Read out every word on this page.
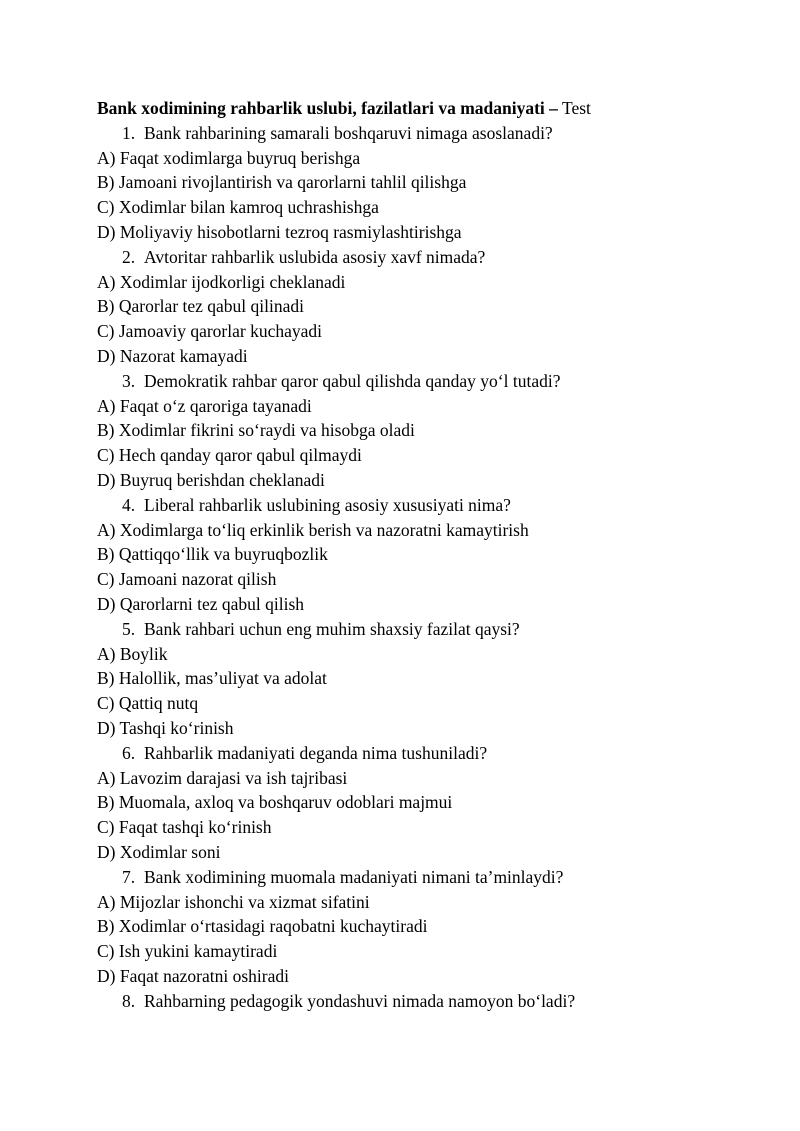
Bank xodimining rahbarlik uslubi, fazilatlari va madaniyati – Test
1. Bank rahbarining samarali boshqaruvi nimaga asoslanadi?
A) Faqat xodimlarga buyruq berishga
B) Jamoani rivojlantirish va qarorlarni tahlil qilishga
C) Xodimlar bilan kamroq uchrashishga
D) Moliyaviy hisobotlarni tezroq rasmiylashtirishga
2. Avtoritar rahbarlik uslubida asosiy xavf nimada?
A) Xodimlar ijodkorligi cheklanadi
B) Qarorlar tez qabul qilinadi
C) Jamoaviy qarorlar kuchayadi
D) Nazorat kamayadi
3. Demokratik rahbar qaror qabul qilishda qanday yo‘l tutadi?
A) Faqat o‘z qaroriga tayanadi
B) Xodimlar fikrini so‘raydi va hisobga oladi
C) Hech qanday qaror qabul qilmaydi
D) Buyruq berishdan cheklanadi
4. Liberal rahbarlik uslubining asosiy xususiyati nima?
A) Xodimlarga to‘liq erkinlik berish va nazoratni kamaytirish
B) Qattiqqo‘llik va buyruqbozlik
C) Jamoani nazorat qilish
D) Qarorlarni tez qabul qilish
5. Bank rahbari uchun eng muhim shaxsiy fazilat qaysi?
A) Boylik
B) Halollik, mas’uliyat va adolat
C) Qattiq nutq
D) Tashqi ko‘rinish
6. Rahbarlik madaniyati deganda nima tushuniladi?
A) Lavozim darajasi va ish tajribasi
B) Muomala, axloq va boshqaruv odoblari majmui
C) Faqat tashqi ko‘rinish
D) Xodimlar soni
7. Bank xodimining muomala madaniyati nimani ta’minlaydi?
A) Mijozlar ishonchi va xizmat sifatini
B) Xodimlar o‘rtasidagi raqobatni kuchaytiradi
C) Ish yukini kamaytiradi
D) Faqat nazoratni oshiradi
8. Rahbarning pedagogik yondashuvi nimada namoyon bo‘ladi?
